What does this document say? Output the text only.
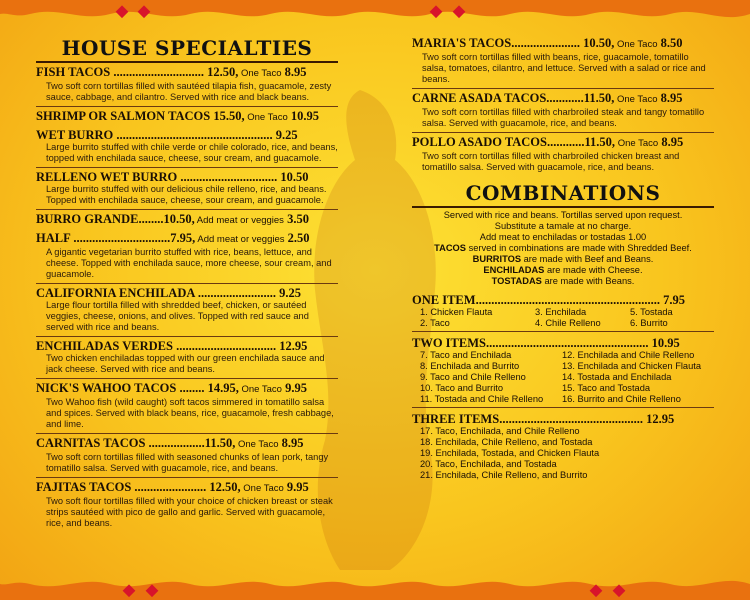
HOUSE SPECIALTIES
FISH TACOS ............................. 12.50, One Taco 8.95
Two soft corn tortillas filled with sautéed tilapia fish, guacamole, zesty sauce, cabbage, and cilantro. Served with rice and black beans.
SHRIMP OR SALMON TACOS 15.50, One Taco 10.95
WET BURRO .................................................. 9.25
Large burrito stuffed with chile verde or chile colorado, rice, and beans, topped with enchilada sauce, cheese, sour cream, and guacamole.
RELLENO WET BURRO ............................... 10.50
Large burrito stuffed with our delicious chile relleno, rice, and beans. Topped with enchilada sauce, cheese, sour cream, and guacamole.
BURRO GRANDE........10.50, Add meat or veggies 3.50
HALF ...............................7.95, Add meat or veggies 2.50
A gigantic vegetarian burrito stuffed with rice, beans, lettuce, and cheese. Topped with enchilada sauce, more cheese, sour cream, and guacamole.
CALIFORNIA ENCHILADA ......................... 9.25
Large flour tortilla filled with shredded beef, chicken, or sautéed veggies, cheese, onions, and olives. Topped with red sauce and served with rice and beans.
ENCHILADAS VERDES ................................ 12.95
Two chicken enchiladas topped with our green enchilada sauce and jack cheese. Served with rice and beans.
NICK'S WAHOO TACOS ........ 14.95, One Taco 9.95
Two Wahoo fish (wild caught) soft tacos simmered in tomatillo salsa and spices. Served with black beans, rice, guacamole, fresh cabbage, and lime.
CARNITAS TACOS ..................11.50, One Taco 8.95
Two soft corn tortillas filled with seasoned chunks of lean pork, tangy tomatillo salsa. Served with guacamole, rice, and beans.
FAJITAS TACOS ....................... 12.50, One Taco 9.95
Two soft flour tortillas filled with your choice of chicken breast or steak strips sautéed with pico de gallo and garlic. Served with guacamole, rice, and beans.
MARIA'S TACOS...................... 10.50, One Taco 8.50
Two soft corn tortillas filled with beans, rice, guacamole, tomatillo salsa, tomatoes, cilantro, and lettuce. Served with a salad or rice and beans.
CARNE ASADA TACOS............11.50, One Taco 8.95
Two soft corn tortillas filled with charbroiled steak and tangy tomatillo salsa. Served with guacamole, rice, and beans.
POLLO ASADO TACOS............11.50, One Taco 8.95
Two soft corn tortillas filled with charbroiled chicken breast and tomatillo salsa. Served with guacamole, rice, and beans.
COMBINATIONS
Served with rice and beans. Tortillas served upon request.
Substitute a tamale at no charge.
Add meat to enchiladas or tostadas 1.00
TACOS served in combinations are made with Shredded Beef.
BURRITOS are made with Beef and Beans.
ENCHILADAS are made with Cheese.
TOSTADAS are made with Beans.
ONE ITEM........................................................... 7.95
1. Chicken Flauta	3. Enchilada	5. Tostada
2. Taco	4. Chile Relleno	6. Burrito
TWO ITEMS.................................................... 10.95
7. Taco and Enchilada	12. Enchilada and Chile Relleno
8. Enchilada and Burrito	13. Enchilada and Chicken Flauta
9. Taco and Chile Relleno	14. Tostada and Enchilada
10. Taco and Burrito	15. Taco and Tostada
11. Tostada and Chile Relleno	16. Burrito and Chile Relleno
THREE ITEMS.............................................. 12.95
17. Taco, Enchilada, and Chile Relleno
18. Enchilada, Chile Relleno, and Tostada
19. Enchilada, Tostada, and Chicken Flauta
20. Taco, Enchilada, and Tostada
21. Enchilada, Chile Relleno, and Burrito
